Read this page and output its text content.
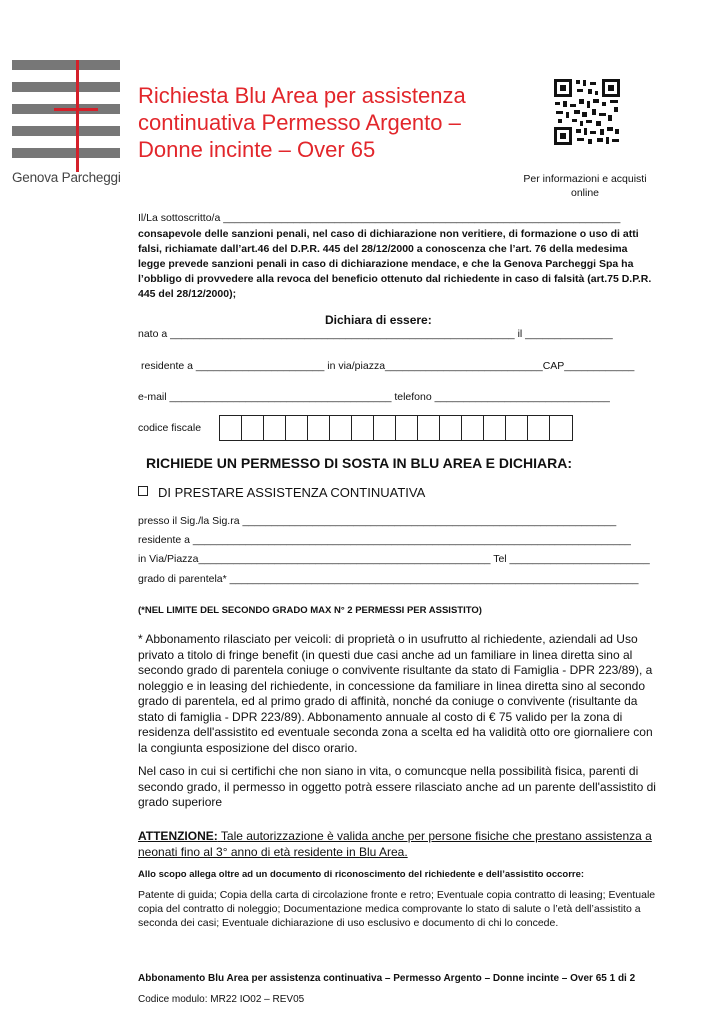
Genova Parcheggi
Richiesta Blu Area per assistenza continuativa Permesso Argento – Donne incinte – Over 65
Per informazioni e acquisti online
Il/La sottoscritto/a ____________________________________________________________________
consapevole delle sanzioni penali, nel caso di dichiarazione non veritiere, di formazione o uso di atti falsi, richiamate dall’art.46 del D.P.R. 445 del 28/12/2000 a conoscenza che l’art. 76 della medesima legge prevede sanzioni penali in caso di dichiarazione mendace, e che la Genova Parcheggi Spa ha l’obbligo di provvedere alla revoca del beneficio ottenuto dal richiedente in caso di falsità (art.75 D.P.R. 445 del 28/12/2000);
Dichiara di essere:
nato a ___________________________________________________________ il _______________
residente a ______________________ in via/piazza___________________________CAP____________
e-mail ______________________________________ telefono ______________________________
codice fiscale
RICHIEDE UN PERMESSO DI SOSTA IN BLU AREA E DICHIARA:
DI PRESTARE ASSISTENZA CONTINUATIVA
presso il Sig./la Sig.ra ________________________________________________________________
residente a ___________________________________________________________________________
in Via/Piazza__________________________________________________ Tel ________________________
grado di parentela* ______________________________________________________________________
(*NEL LIMITE DEL SECONDO GRADO MAX N° 2 PERMESSI PER ASSISTITO)
* Abbonamento rilasciato per veicoli: di proprietà o in usufrutto al richiedente, aziendali ad Uso privato a titolo di fringe benefit (in questi due casi anche ad un familiare in linea diretta sino al secondo grado di parentela coniuge o convivente risultante da stato di Famiglia - DPR 223/89), a noleggio e in leasing del richiedente, in concessione da familiare in linea diretta sino al secondo grado di parentela, ed al primo grado di affinità, nonché da coniuge o convivente (risultante da stato di famiglia - DPR 223/89). Abbonamento annuale al costo di € 75 valido per la zona di residenza dell'assistito ed eventuale seconda zona a scelta ed ha validità otto ore giornaliere con la congiunta esposizione del disco orario.
Nel caso in cui si certifichi che non siano in vita, o comuncque nella possibilità fisica, parenti di secondo grado, il permesso in oggetto potrà essere rilasciato anche ad un parente dell'assistito di grado superiore
ATTENZIONE: Tale autorizzazione è valida anche per persone fisiche che prestano assistenza a neonati fino al 3° anno di età residente in Blu Area.
Allo scopo allega oltre ad un documento di riconoscimento del richiedente e dell’assistito occorre:
Patente di guida; Copia della carta di circolazione fronte e retro; Eventuale copia contratto di leasing; Eventuale copia del contratto di noleggio; Documentazione medica comprovante lo stato di salute o l’età dell’assistito a seconda dei casi; Eventuale dichiarazione di uso esclusivo e documento di chi lo concede.
Abbonamento Blu Area per assistenza continuativa – Permesso Argento – Donne incinte – Over 65 1 di 2
Codice modulo: MR22 IO02 – REV05
